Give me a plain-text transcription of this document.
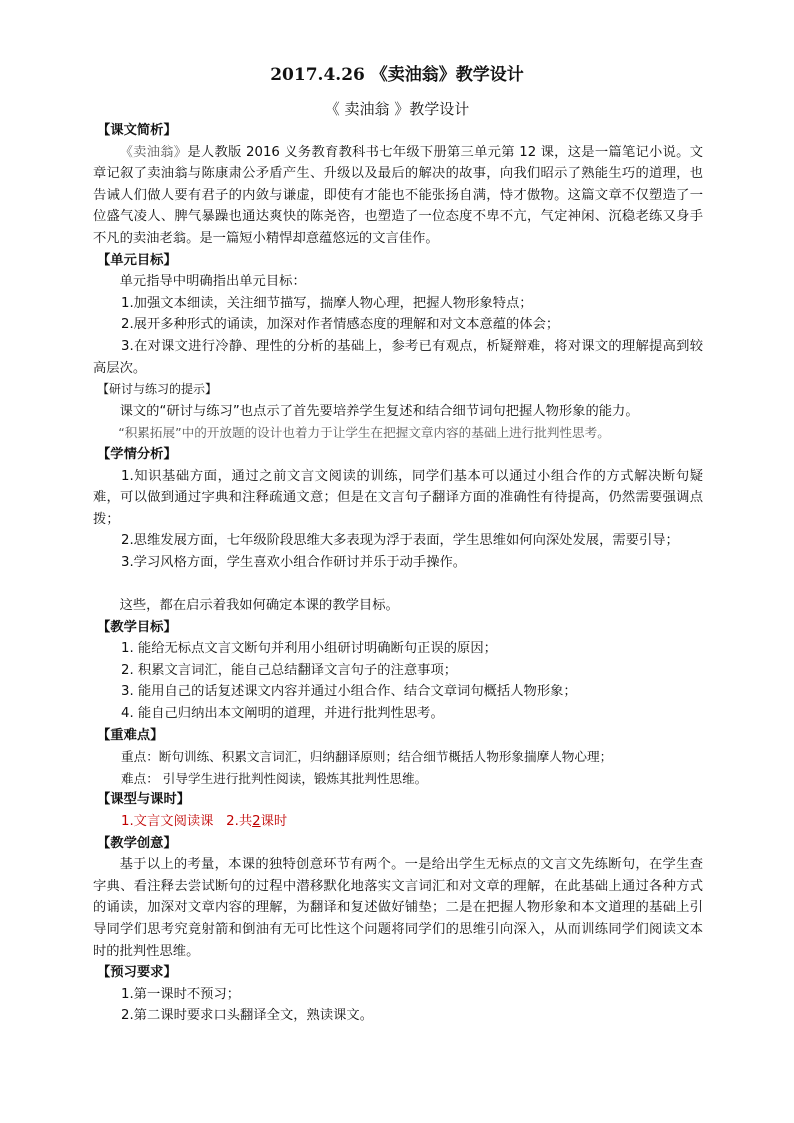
2017.4.26 《卖油翁》教学设计
《 卖油翁 》教学设计
【课文简析】
《卖油翁》是人教版 2016 义务教育教科书七年级下册第三单元第 12 课，这是一篇笔记小说。文章记叙了卖油翁与陈康肃公矛盾产生、升级以及最后的解决的故事，向我们昭示了熟能生巧的道理，也告诫人们做人要有君子的内敛与谦虚，即使有才能也不能张扬自满，恃才傲物。这篇文章不仅塑造了一位盛气凌人、脾气暴躁也通达爽快的陈尧咨，也塑造了一位态度不卑不亢，气定神闲、沉稳老练又身手不凡的卖油老翁。是一篇短小精悍却意蕴悠远的文言佳作。
【单元目标】
单元指导中明确指出单元目标：
1.加强文本细读，关注细节描写，揣摩人物心理，把握人物形象特点；
2.展开多种形式的诵读，加深对作者情感态度的理解和对文本意蕴的体会；
3.在对课文进行冷静、理性的分析的基础上，参考已有观点，析疑辩难，将对课文的理解提高到较高层次。
【研讨与练习的提示】
课文的“研讨与练习”也点示了首先要培养学生复述和结合细节词句把握人物形象的能力。
“积累拓展”中的开放题的设计也着力于让学生在把握文章内容的基础上进行批判性思考。
【学情分析】
1.知识基础方面，通过之前文言文阅读的训练，同学们基本可以通过小组合作的方式解决断句疑难，可以做到通过字典和注释疏通文意；但是在文言句子翻译方面的准确性有待提高，仍然需要强调点拨；
2.思维发展方面，七年级阶段思维大多表现为浮于表面，学生思维如何向深处发展，需要引导；
3.学习风格方面，学生喜欢小组合作研讨并乐于动手操作。
这些，都在启示着我如何确定本课的教学目标。
【教学目标】
1. 能给无标点文言文断句并利用小组研讨明确断句正误的原因；
2. 积累文言词汇，能自己总结翻译文言句子的注意事项；
3. 能用自己的话复述课文内容并通过小组合作、结合文章词句概括人物形象；
4. 能自己归纳出本文阐明的道理，并进行批判性思考。
【重难点】
重点：断句训练、积累文言词汇，归纳翻译原则；结合细节概括人物形象揣摩人物心理；
难点： 引导学生进行批判性阅读，锻炼其批判性思维。
【课型与课时】
1.文言文阅读课 2.共2课时
【教学创意】
基于以上的考量，本课的独特创意环节有两个。一是给出学生无标点的文言文先练断句，在学生查字典、看注释去尝试断句的过程中潜移默化地落实文言词汇和对文章的理解，在此基础上通过各种方式的诵读，加深对文章内容的理解，为翻译和复述做好铺垫；二是在把握人物形象和本文道理的基础上引导同学们思考究竟射箭和倒油有无可比性这个问题将同学们的思维引向深入，从而训练同学们阅读文本时的批判性思维。
【预习要求】
1.第一课时不预习；
2.第二课时要求口头翻译全文，熟读课文。
